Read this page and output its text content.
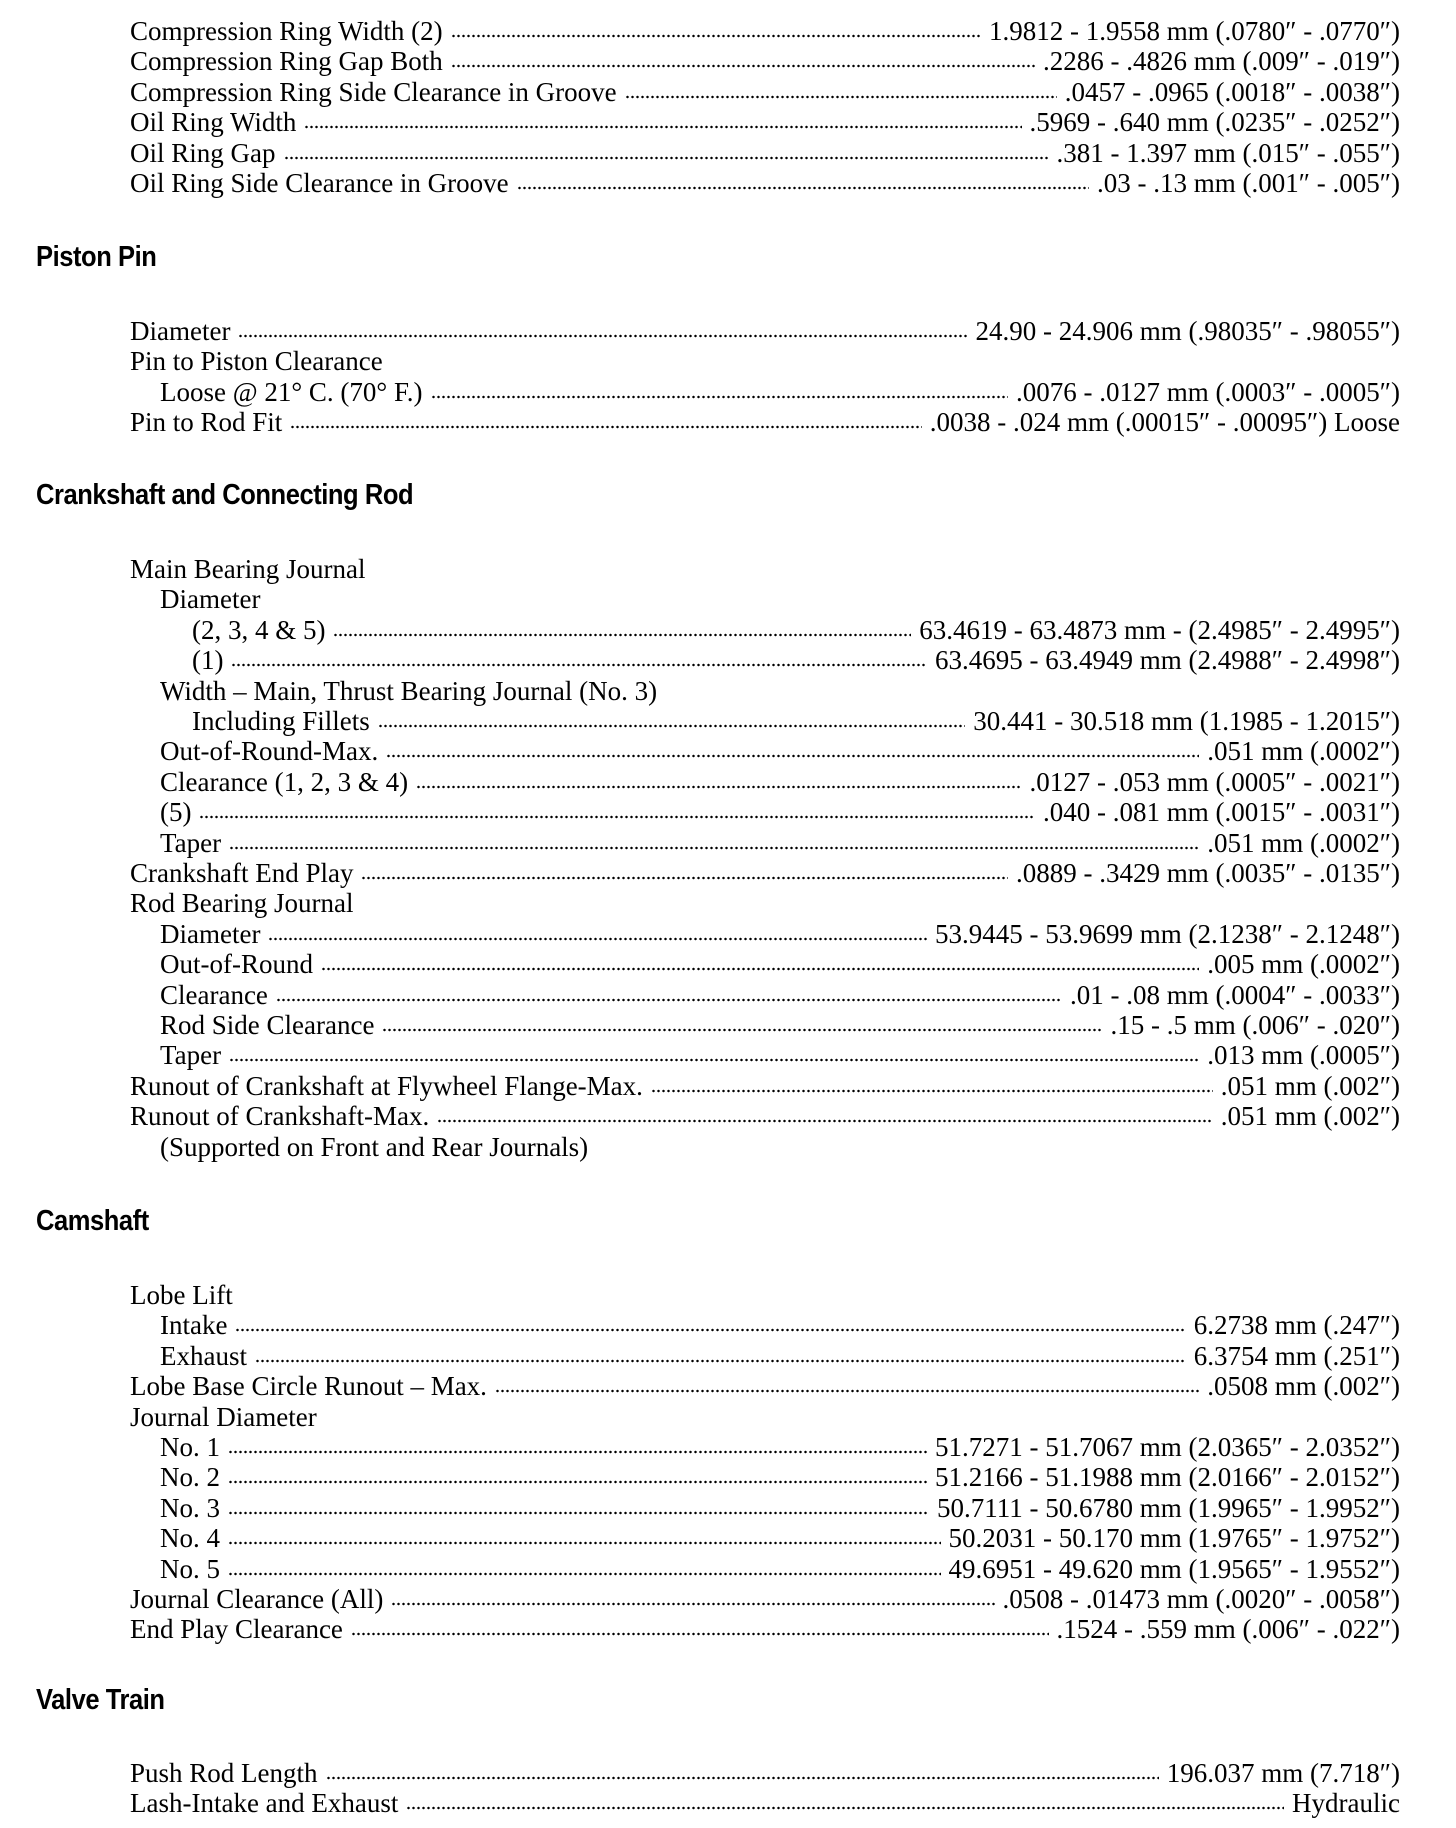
Compression Ring Width (2)	1.9812 - 1.9558 mm (.0780″ - .0770″)
Compression Ring Gap Both	.2286 - .4826 mm (.009″ - .019″)
Compression Ring Side Clearance in Groove	.0457 - .0965 (.0018″ - .0038″)
Oil Ring Width	.5969 - .640 mm (.0235″ - .0252″)
Oil Ring Gap	.381 - 1.397 mm (.015″ - .055″)
Oil Ring Side Clearance in Groove	.03 - .13 mm (.001″ - .005″)
Piston Pin
Diameter	24.90 - 24.906 mm (.98035″ - .98055″)
Pin to Piston Clearance
Loose @ 21° C. (70° F.)	.0076 - .0127 mm (.0003″ - .0005″)
Pin to Rod Fit	.0038 - .024 mm (.00015″ - .00095″) Loose
Crankshaft and Connecting Rod
Main Bearing Journal
Diameter
(2, 3, 4 & 5)	63.4619 - 63.4873 mm - (2.4985″ - 2.4995″)
(1)	63.4695 - 63.4949 mm (2.4988″ - 2.4998″)
Width – Main, Thrust Bearing Journal (No. 3)
Including Fillets	30.441 - 30.518 mm (1.1985 - 1.2015″)
Out-of-Round-Max.	.051 mm (.0002″)
Clearance (1, 2, 3 & 4)	.0127 - .053 mm (.0005″ - .0021″)
(5)	.040 - .081 mm (.0015″ - .0031″)
Taper	.051 mm (.0002″)
Crankshaft End Play	.0889 - .3429 mm (.0035″ - .0135″)
Rod Bearing Journal
Diameter	53.9445 - 53.9699 mm (2.1238″ - 2.1248″)
Out-of-Round	.005 mm (.0002″)
Clearance	.01 - .08 mm (.0004″ - .0033″)
Rod Side Clearance	.15 - .5 mm (.006″ - .020″)
Taper	.013 mm (.0005″)
Runout of Crankshaft at Flywheel Flange-Max.	.051 mm (.002″)
Runout of Crankshaft-Max.	.051 mm (.002″)
(Supported on Front and Rear Journals)
Camshaft
Lobe Lift
Intake	6.2738 mm (.247″)
Exhaust	6.3754 mm (.251″)
Lobe Base Circle Runout – Max.	.0508 mm (.002″)
Journal Diameter
No. 1	51.7271 - 51.7067 mm (2.0365″ - 2.0352″)
No. 2	51.2166 - 51.1988 mm (2.0166″ - 2.0152″)
No. 3	50.7111 - 50.6780 mm (1.9965″ - 1.9952″)
No. 4	50.2031 - 50.170 mm (1.9765″ - 1.9752″)
No. 5	49.6951 - 49.620 mm (1.9565″ - 1.9552″)
Journal Clearance (All)	.0508 - .01473 mm (.0020″ - .0058″)
End Play Clearance	.1524 - .559 mm (.006″ - .022″)
Valve Train
Push Rod Length	196.037 mm (7.718″)
Lash-Intake and Exhaust	Hydraulic
